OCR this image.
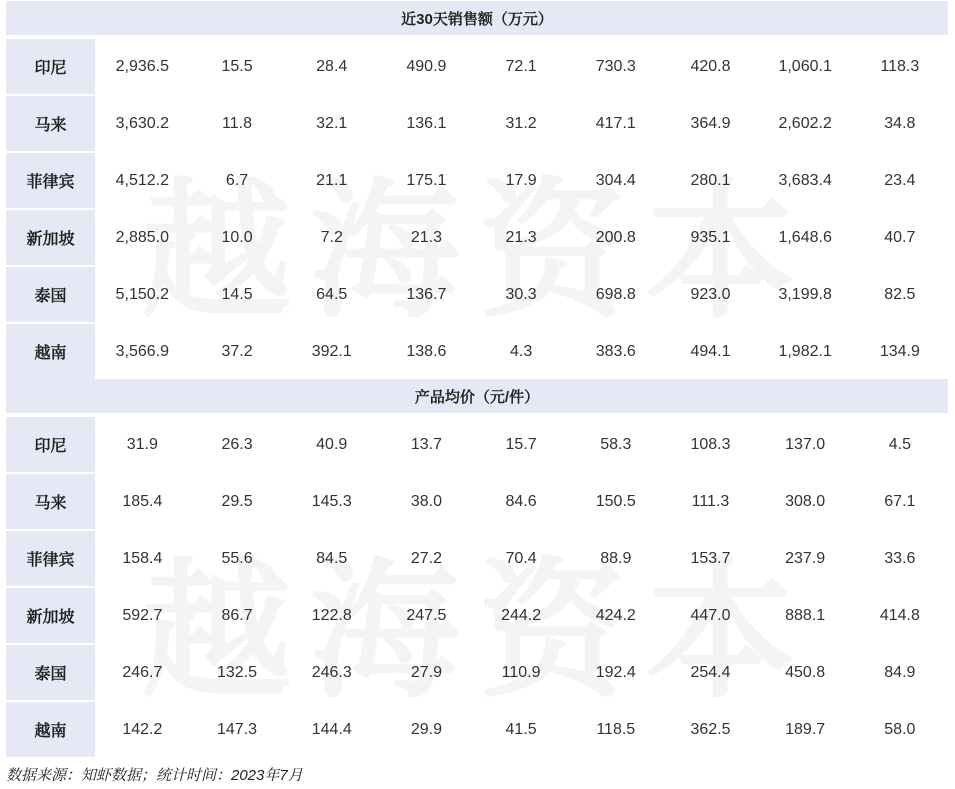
近30天销售额（万元）
印尼	2,936.5	15.5	28.4	490.9	72.1	730.3	420.8	1,060.1	118.3
马来	3,630.2	11.8	32.1	136.1	31.2	417.1	364.9	2,602.2	34.8
菲律宾	4,512.2	6.7	21.1	175.1	17.9	304.4	280.1	3,683.4	23.4
新加坡	2,885.0	10.0	7.2	21.3	21.3	200.8	935.1	1,648.6	40.7
泰国	5,150.2	14.5	64.5	136.7	30.3	698.8	923.0	3,199.8	82.5
越南	3,566.9	37.2	392.1	138.6	4.3	383.6	494.1	1,982.1	134.9
产品均价（元/件）
印尼	31.9	26.3	40.9	13.7	15.7	58.3	108.3	137.0	4.5
马来	185.4	29.5	145.3	38.0	84.6	150.5	111.3	308.0	67.1
菲律宾	158.4	55.6	84.5	27.2	70.4	88.9	153.7	237.9	33.6
新加坡	592.7	86.7	122.8	247.5	244.2	424.2	447.0	888.1	414.8
泰国	246.7	132.5	246.3	27.9	110.9	192.4	254.4	450.8	84.9
越南	142.2	147.3	144.4	29.9	41.5	118.5	362.5	189.7	58.0
数据来源：知虾数据；统计时间：2023年7月
